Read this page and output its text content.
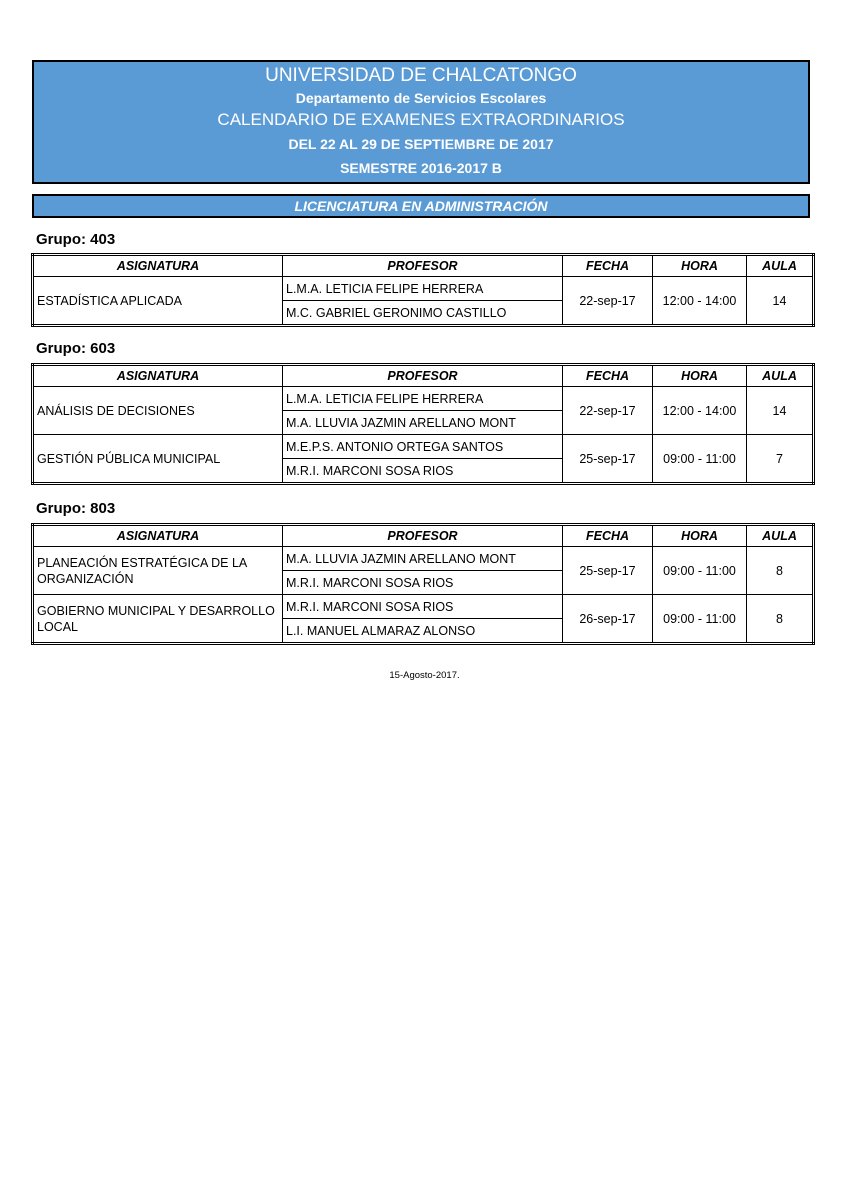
UNIVERSIDAD DE CHALCATONGO
Departamento de Servicios Escolares
CALENDARIO DE EXAMENES EXTRAORDINARIOS
DEL 22 AL 29 DE SEPTIEMBRE DE 2017
SEMESTRE 2016-2017 B
LICENCIATURA EN ADMINISTRACIÓN
Grupo: 403
ASIGNATURA	PROFESOR	FECHA	HORA	AULA
ESTADÍSTICA APLICADA	L.M.A. LETICIA FELIPE HERRERA	22-sep-17	12:00 - 14:00	14
	M.C. GABRIEL GERONIMO CASTILLO			
Grupo: 603
ASIGNATURA	PROFESOR	FECHA	HORA	AULA
ANÁLISIS DE DECISIONES	L.M.A. LETICIA FELIPE HERRERA	22-sep-17	12:00 - 14:00	14
	M.A. LLUVIA JAZMIN ARELLANO MONT			
GESTIÓN PÚBLICA MUNICIPAL	M.E.P.S. ANTONIO ORTEGA SANTOS	25-sep-17	09:00 - 11:00	7
	M.R.I. MARCONI SOSA RIOS			
Grupo: 803
ASIGNATURA	PROFESOR	FECHA	HORA	AULA
PLANEACIÓN ESTRATÉGICA DE LA ORGANIZACIÓN	M.A. LLUVIA JAZMIN ARELLANO MONT	25-sep-17	09:00 - 11:00	8
	M.R.I. MARCONI SOSA RIOS			
GOBIERNO MUNICIPAL Y DESARROLLO LOCAL	M.R.I. MARCONI SOSA RIOS	26-sep-17	09:00 - 11:00	8
	L.I. MANUEL ALMARAZ ALONSO			
15-Agosto-2017.
